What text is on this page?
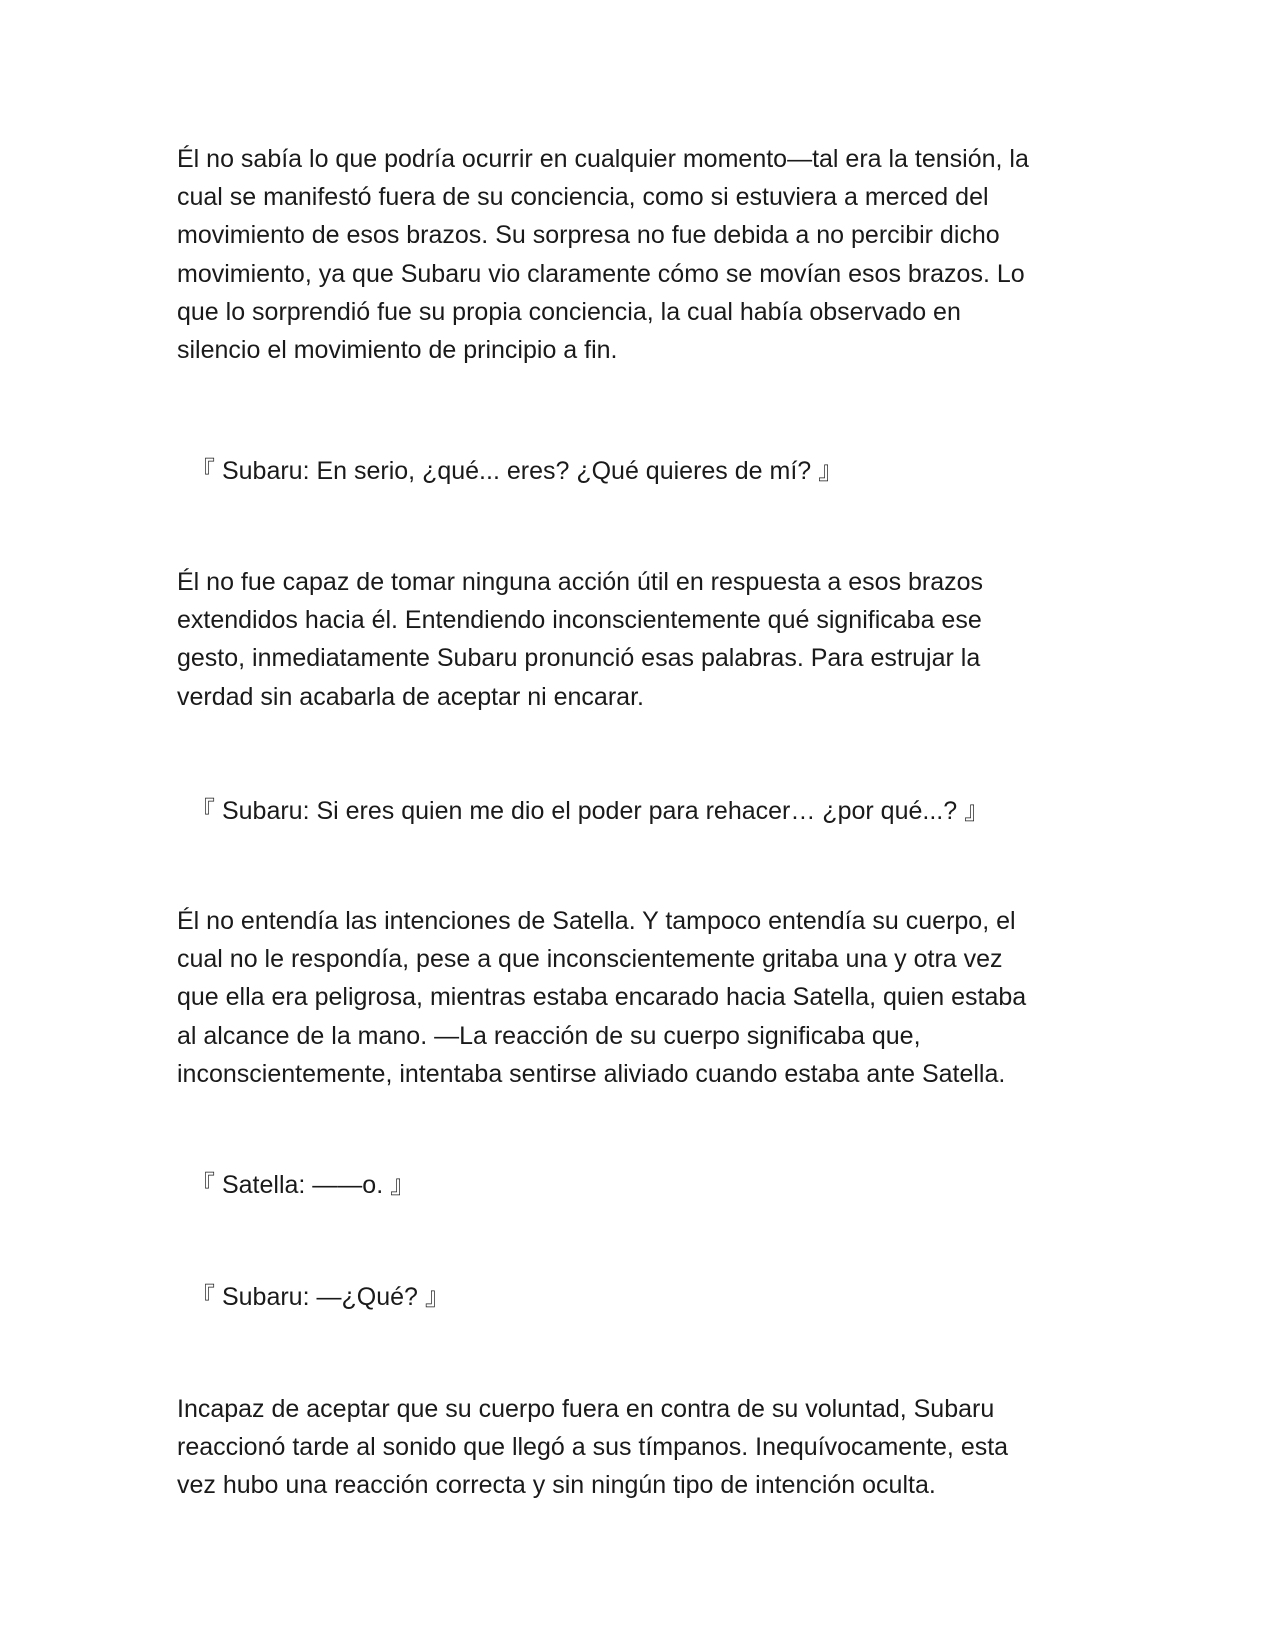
Él no sabía lo que podría ocurrir en cualquier momento—tal era la tensión, la
cual se manifestó fuera de su conciencia, como si estuviera a merced del
movimiento de esos brazos. Su sorpresa no fue debida a no percibir dicho
movimiento, ya que Subaru vio claramente cómo se movían esos brazos. Lo
que lo sorprendió fue su propia conciencia, la cual había observado en
silencio el movimiento de principio a fin.

『 Subaru: En serio, ¿qué... eres? ¿Qué quieres de mí? 』

Él no fue capaz de tomar ninguna acción útil en respuesta a esos brazos
extendidos hacia él. Entendiendo inconscientemente qué significaba ese
gesto, inmediatamente Subaru pronunció esas palabras. Para estrujar la
verdad sin acabarla de aceptar ni encarar.

『 Subaru: Si eres quien me dio el poder para rehacer… ¿por qué...? 』

Él no entendía las intenciones de Satella. Y tampoco entendía su cuerpo, el
cual no le respondía, pese a que inconscientemente gritaba una y otra vez
que ella era peligrosa, mientras estaba encarado hacia Satella, quien estaba
al alcance de la mano. —La reacción de su cuerpo significaba que,
inconscientemente, intentaba sentirse aliviado cuando estaba ante Satella.

『 Satella: ——o. 』

『 Subaru: —¿Qué? 』

Incapaz de aceptar que su cuerpo fuera en contra de su voluntad, Subaru
reaccionó tarde al sonido que llegó a sus tímpanos. Inequívocamente, esta
vez hubo una reacción correcta y sin ningún tipo de intención oculta.
